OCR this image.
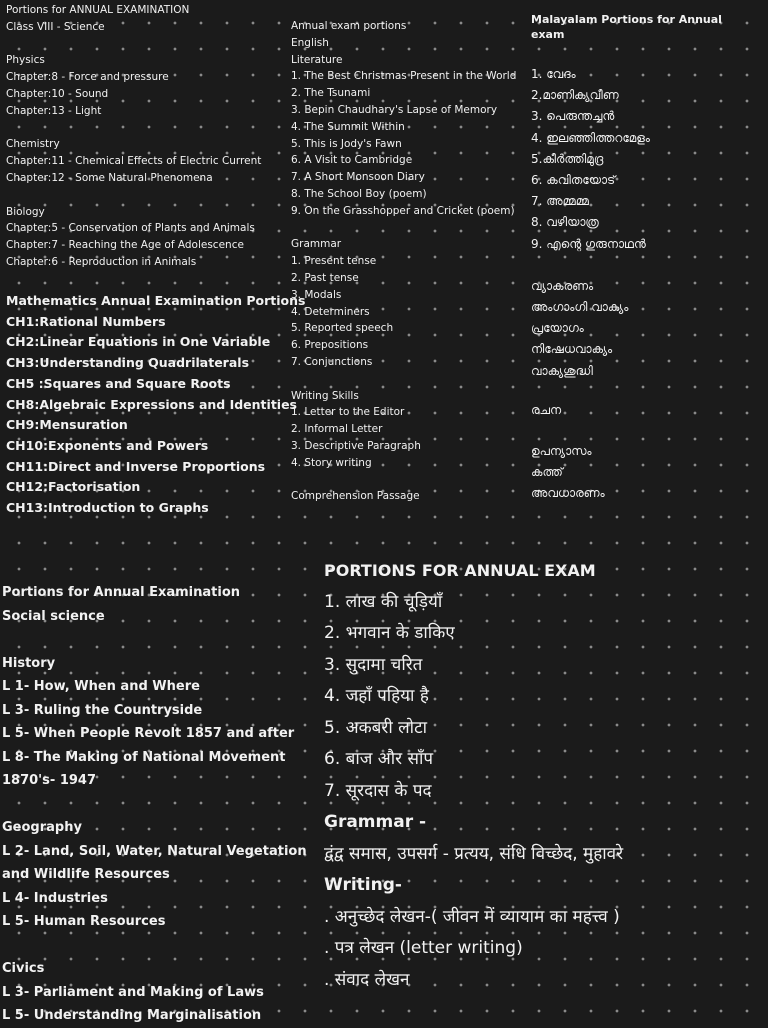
Portions for ANNUAL EXAMINATION
Class VIII - Science
Physics
Chapter:8 - Force and pressure
Chapter:10 - Sound
Chapter:13 - Light
Chemistry
Chapter:11 - Chemical Effects of Electric Current
Chapter:12 - Some Natural Phenomena
Biology
Chapter:5 - Conservation of Plants and Animals
Chapter:7 - Reaching the Age of Adolescence
Chapter:6 - Reproduction in Animals
Mathematics Annual Examination Portions
CH1:Rational Numbers
CH2:Linear Equations in One Variable
CH3:Understanding Quadrilaterals
CH5 :Squares and Square Roots
CH8:Algebraic Expressions and Identities
CH9:Mensuration
CH10:Exponents and Powers
CH11:Direct and Inverse Proportions
CH12:Factorisation
CH13:Introduction to Graphs
Annual exam portions
English
Literature
1. The Best Christmas Present in the World
2. The Tsunami
3. Bepin Chaudhary's Lapse of Memory
4. The Summit Within
5. This is Jody's Fawn
6. A Visit to Cambridge
7. A Short Monsoon Diary
8. The School Boy (poem)
9. On the Grasshopper and Cricket (poem)
Grammar
1. Present tense
2. Past tense
3. Modals
4. Determiners
5. Reported speech
6. Prepositions
7. Conjunctions
Writing Skills
1. Letter to the Editor
2. Informal Letter
3. Descriptive Paragraph
4. Story writing
Comprehension Passage
Malayalam Portions for Annual
exam
1. വേദം
2.മാണിക്യവീണ
3. പെരുന്തച്ചൻ
4. ഇലഞ്ഞിത്തറമേളം
5.കീർത്തിമുദ്ര
6. കവിതയോട്
7. അമ്മമ്മ
8. വഴിയാത്ര
9. എന്റെ ഗുരുനാഥൻ
വ്യാകരണം
അംഗാംഗി വാക്യം
പ്രയോഗം
നിഷേധവാക്യം
വാക്യശുദ്ധി
രചന
ഉപന്യാസം
കത്ത്
അവധാരണം
Portions for Annual Examination
Social science
History
L 1- How, When and Where
L 3- Ruling the Countryside
L 5- When People Revolt 1857 and after
L 8- The Making of National Movement
1870's- 1947
Geography
L 2- Land, Soil, Water, Natural Vegetation
and Wildlife Resources
L 4- Industries
L 5- Human Resources
Civics
L 3- Parliament and Making of Laws
L 5- Understanding Marginalisation
PORTIONS FOR ANNUAL EXAM
1. लाख की चूड़ियाँ
2. भगवान के डाकिए
3. सुदामा चरित
4. जहाँ पहिया है
5. अकबरी लोटा
6. बाज और साँप
7. सूरदास के पद
Grammar -
द्वंद्व समास, उपसर्ग - प्रत्यय, संधि विच्छेद, मुहावरे
Writing-
. अनुच्छेद लेखन-( जीवन में व्यायाम का महत्त्व )
. पत्र लेखन (letter writing)
. संवाद लेखन
